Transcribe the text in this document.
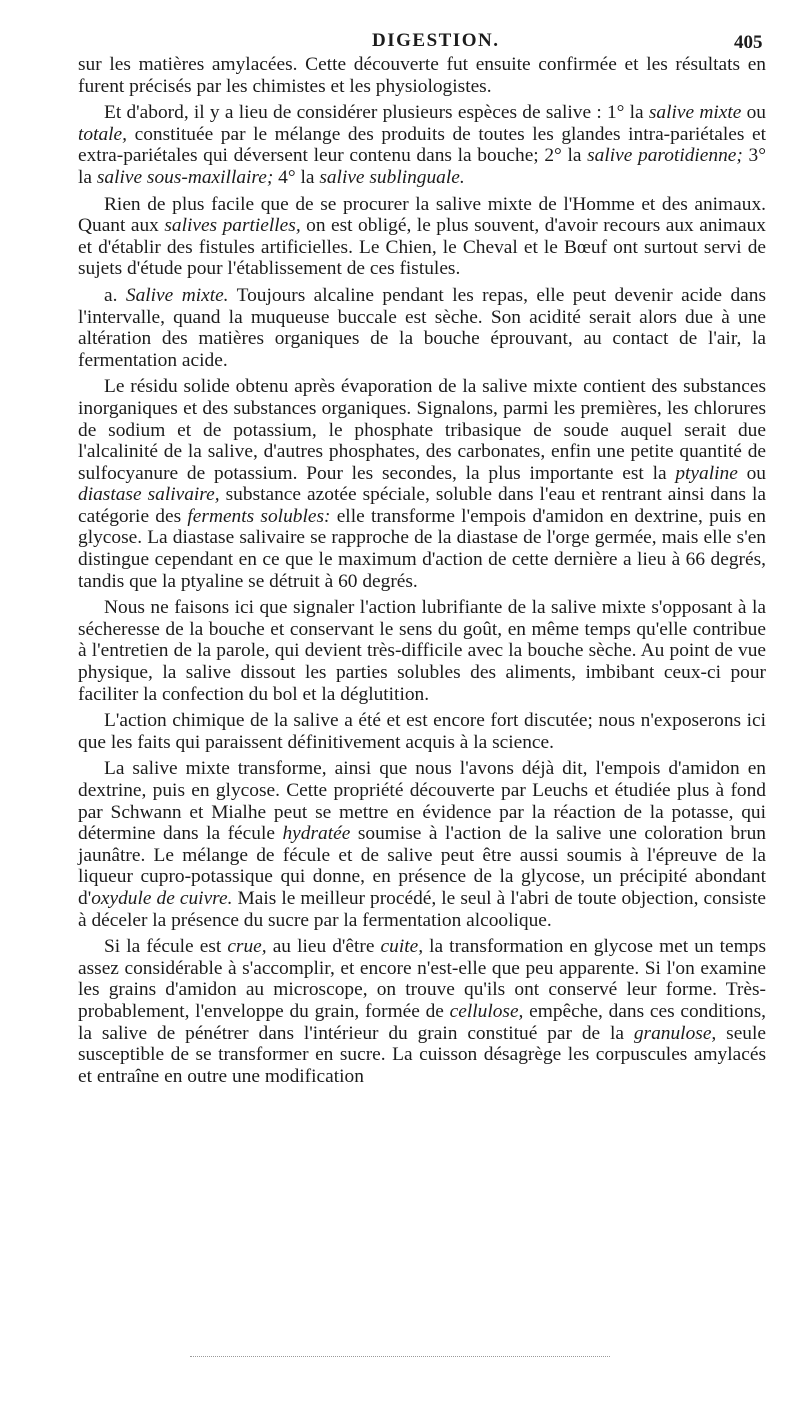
DIGESTION.	405

sur les matières amylacées. Cette découverte fut ensuite confirmée et les résultats en furent précisés par les chimistes et les physiologistes.

Et d'abord, il y a lieu de considérer plusieurs espèces de salive : 1° la salive mixte ou totale, constituée par le mélange des produits de toutes les glandes intra-pariétales et extra-pariétales qui déversent leur contenu dans la bouche; 2° la salive parotidienne; 3° la salive sous-maxillaire; 4° la salive sublinguale.

Rien de plus facile que de se procurer la salive mixte de l'Homme et des animaux. Quant aux salives partielles, on est obligé, le plus souvent, d'avoir recours aux animaux et d'établir des fistules artificielles. Le Chien, le Cheval et le Bœuf ont surtout servi de sujets d'étude pour l'établissement de ces fistules.

a. Salive mixte. Toujours alcaline pendant les repas, elle peut devenir acide dans l'intervalle, quand la muqueuse buccale est sèche. Son acidité serait alors due à une altération des matières organiques de la bouche éprouvant, au contact de l'air, la fermentation acide.

Le résidu solide obtenu après évaporation de la salive mixte contient des substances inorganiques et des substances organiques. Signalons, parmi les premières, les chlorures de sodium et de potassium, le phosphate tribasique de soude auquel serait due l'alcalinité de la salive, d'autres phosphates, des carbonates, enfin une petite quantité de sulfocyanure de potassium. Pour les secondes, la plus importante est la ptyaline ou diastase salivaire, substance azotée spéciale, soluble dans l'eau et rentrant ainsi dans la catégorie des ferments solubles: elle transforme l'empois d'amidon en dextrine, puis en glycose. La diastase salivaire se rapproche de la diastase de l'orge germée, mais elle s'en distingue cependant en ce que le maximum d'action de cette dernière a lieu à 66 degrés, tandis que la ptyaline se détruit à 60 degrés.

Nous ne faisons ici que signaler l'action lubrifiante de la salive mixte s'opposant à la sécheresse de la bouche et conservant le sens du goût, en même temps qu'elle contribue à l'entretien de la parole, qui devient très-difficile avec la bouche sèche. Au point de vue physique, la salive dissout les parties solubles des aliments, imbibant ceux-ci pour faciliter la confection du bol et la déglutition.

L'action chimique de la salive a été et est encore fort discutée; nous n'exposerons ici que les faits qui paraissent définitivement acquis à la science.

La salive mixte transforme, ainsi que nous l'avons déjà dit, l'empois d'amidon en dextrine, puis en glycose. Cette propriété découverte par Leuchs et étudiée plus à fond par Schwann et Mialhe peut se mettre en évidence par la réaction de la potasse, qui détermine dans la fécule hydratée soumise à l'action de la salive une coloration brun jaunâtre. Le mélange de fécule et de salive peut être aussi soumis à l'épreuve de la liqueur cupro-potassique qui donne, en présence de la glycose, un précipité abondant d'oxydule de cuivre. Mais le meilleur procédé, le seul à l'abri de toute objection, consiste à déceler la présence du sucre par la fermentation alcoolique.

Si la fécule est crue, au lieu d'être cuite, la transformation en glycose met un temps assez considérable à s'accomplir, et encore n'est-elle que peu apparente. Si l'on examine les grains d'amidon au microscope, on trouve qu'ils ont conservé leur forme. Très-probablement, l'enveloppe du grain, formée de cellulose, empêche, dans ces conditions, la salive de pénétrer dans l'intérieur du grain constitué par de la granulose, seule susceptible de se transformer en sucre. La cuisson désagrège les corpuscules amylacés et entraîne en outre une modification
